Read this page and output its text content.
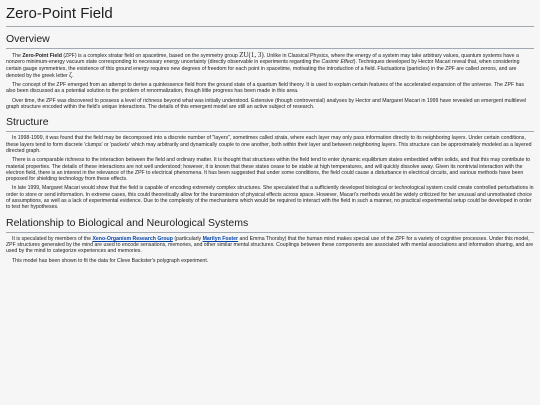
Zero-Point Field
Overview

The Zero-Point Field (ZPF) is a complex stratar field on spacetime, based on the symmetry group ZU(1, 3). Unlike in Classical Physics, where the energy of a system may take arbitrary values, quantum systems have a nonzero minimum-energy vacuum state corresponding to necessary energy uncertainty (directly observable in experiments regarding the Casimir Effect). Techniques developed by Hector Macari reveal that, when considering certain gauge symmetries, the existence of this ground energy requires new degrees of freedom for each point in spacetime, motivating the introduction of a field. Fluctuations (particles) in the ZPF are called zerons, and are denoted by the greek letter ζ.

The concept of the ZPF emerged from an attempt to derive a quintessence field from the ground state of a quantum field theory. It is used to explain certain features of the accelerated expansion of the universe. The ZPF has also been discussed as a potential solution to the problem of renormalization, though little progress has been made in this area.

Over time, the ZPF was discovered to possess a level of richness beyond what was initially understood. Extensive (though controversial) analyses by Hector and Margaret Macari in 1999 have revealed an emergent multilevel graph structure encoded within the field's unique interactions. The details of this emergent model are still an active subject of research.

Structure

In 1998-1999, it was found that the field may be decomposed into a discrete number of "layers", sometimes called strata, where each layer may only pass information directly to its neighboring layers. Under certain conditions, these layers tend to form discrete 'clumps' or 'packets' which may arbitrarily and dynamically couple to one another, both within their layer and between neighboring layers. This structure can be approximately modeled as a layered directed graph.

There is a comparable richness to the interaction between the field and ordinary matter. It is thought that structures within the field tend to enter dynamic equilibrium states embedded within solids, and that this may contribute to material properties. The details of these interactions are not well understood; however, it is known that these states cease to be stable at high temperatures, and will quickly dissolve away. Given its nontrivial interaction with the electron field, there is an interest in the relevance of the ZPF to electrical phenomena. It has been suggested that under some conditions, the field could cause a disturbance in electrical circuits, and various methods have been proposed for shielding technology from these effects.

In late 1999, Margaret Macari would show that the field is capable of encoding extremely complex structures. She speculated that a sufficiently developed biological or technological system could create controlled perturbations in order to store or send information. In extreme cases, this could theoretically allow for the transmission of physical effects across space. However, Macari's methods would be widely criticized for her unusual and unmotivated choice of assumptions, as well as a lack of experimental evidence. Due to the complexity of the mechanisms which would be required to interact with the field in such a manner, no practical experimental setup could be developed in order to test her hypotheses.

Relationship to Biological and Neurological Systems

It is speculated by members of the Xeno-Organism Research Group (particularly Marilyn Foster and Emma Thorsby) that the human mind makes special use of the ZPF for a variety of cognitive processes. Under this model, ZPF structures generated by the mind are used to encode sensations, memories, and other similar mental structures. Couplings between these components are associated with mental associations and information sharing, and are used by the mind to categorize experiences and memories.

This model has been shown to fit the data for Cleve Backster's polygraph experiment.
